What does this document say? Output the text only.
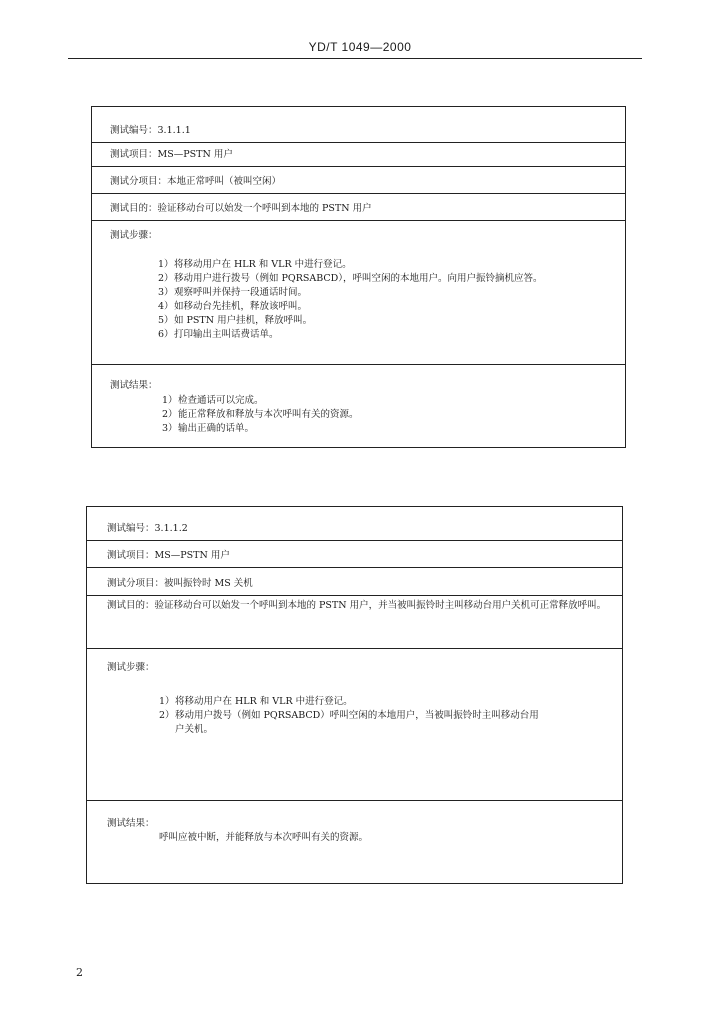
YD/T 1049—2000
测试编号： 3.1.1.1
测试项目： MS—PSTN 用户
测试分项目： 本地正常呼叫（被叫空闲）
测试目的： 验证移动台可以始发一个呼叫到本地的 PSTN 用户
测试步骤：
1） 将移动用户在 HLR 和 VLR 中进行登记。
2） 移动用户进行拨号（例如 PQRSABCD），呼叫空闲的本地用户。向用户振铃摘机应答。
3） 观察呼叫并保持一段通话时间。
4） 如移动台先挂机，释放该呼叫。
5） 如 PSTN 用户挂机，释放呼叫。
6） 打印输出主叫话费话单。
测试结果：
1） 检查通话可以完成。
2） 能正常释放和释放与本次呼叫有关的资源。
3） 输出正确的话单。
测试编号： 3.1.1.2
测试项目： MS—PSTN 用户
测试分项目： 被叫振铃时 MS 关机
测试目的： 验证移动台可以始发一个呼叫到本地的 PSTN 用户，并当被叫振铃时主叫移动台用户关机可正常释放呼叫。
测试步骤：
1） 将移动用户在 HLR 和 VLR 中进行登记。
2） 移动用户拨号（例如 PQRSABCD）呼叫空闲的本地用户，当被叫振铃时主叫移动台用户关机。
测试结果：
呼叫应被中断，并能释放与本次呼叫有关的资源。
2
